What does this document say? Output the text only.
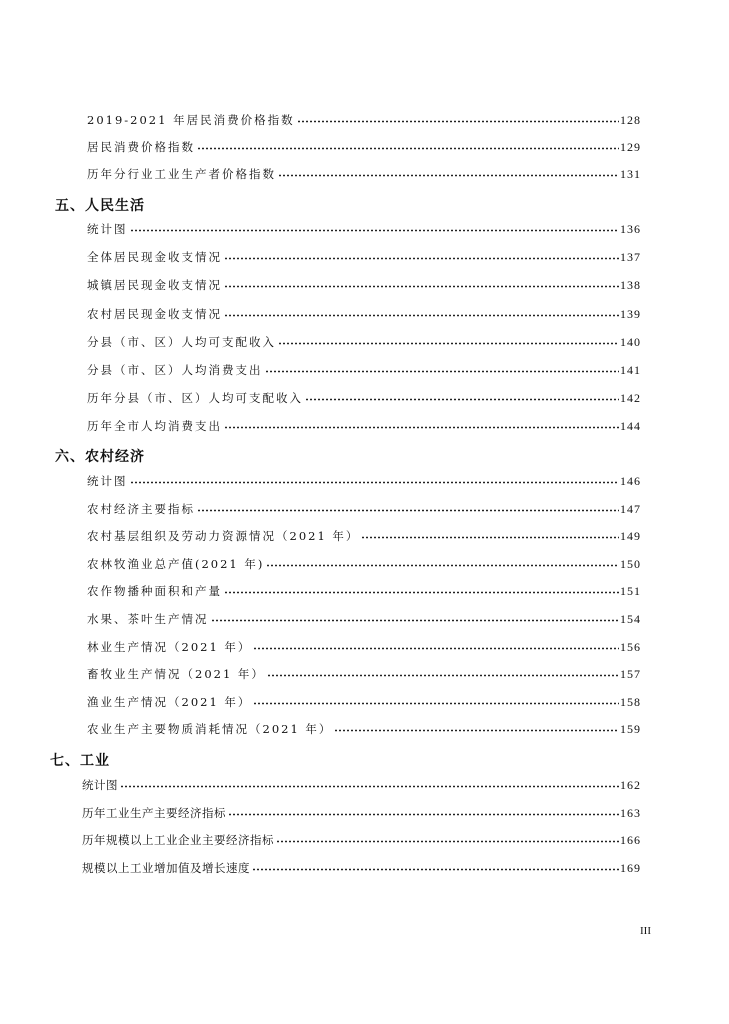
2019-2021 年居民消费价格指数	128
居民消费价格指数	129
历年分行业工业生产者价格指数	131
五、人民生活
统计图	136
全体居民现金收支情况	137
城镇居民现金收支情况	138
农村居民现金收支情况	139
分县（市、区）人均可支配收入	140
分县（市、区）人均消费支出	141
历年分县（市、区）人均可支配收入	142
历年全市人均消费支出	144
六、农村经济
统计图	146
农村经济主要指标	147
农村基层组织及劳动力资源情况（2021 年）	149
农林牧渔业总产值(2021 年)	150
农作物播种面积和产量	151
水果、茶叶生产情况	154
林业生产情况（2021 年）	156
畜牧业生产情况（2021 年）	157
渔业生产情况（2021 年）	158
农业生产主要物质消耗情况（2021 年）	159
七、工业
统计图	162
历年工业生产主要经济指标	163
历年规模以上工业企业主要经济指标	166
规模以上工业增加值及增长速度	169
III
